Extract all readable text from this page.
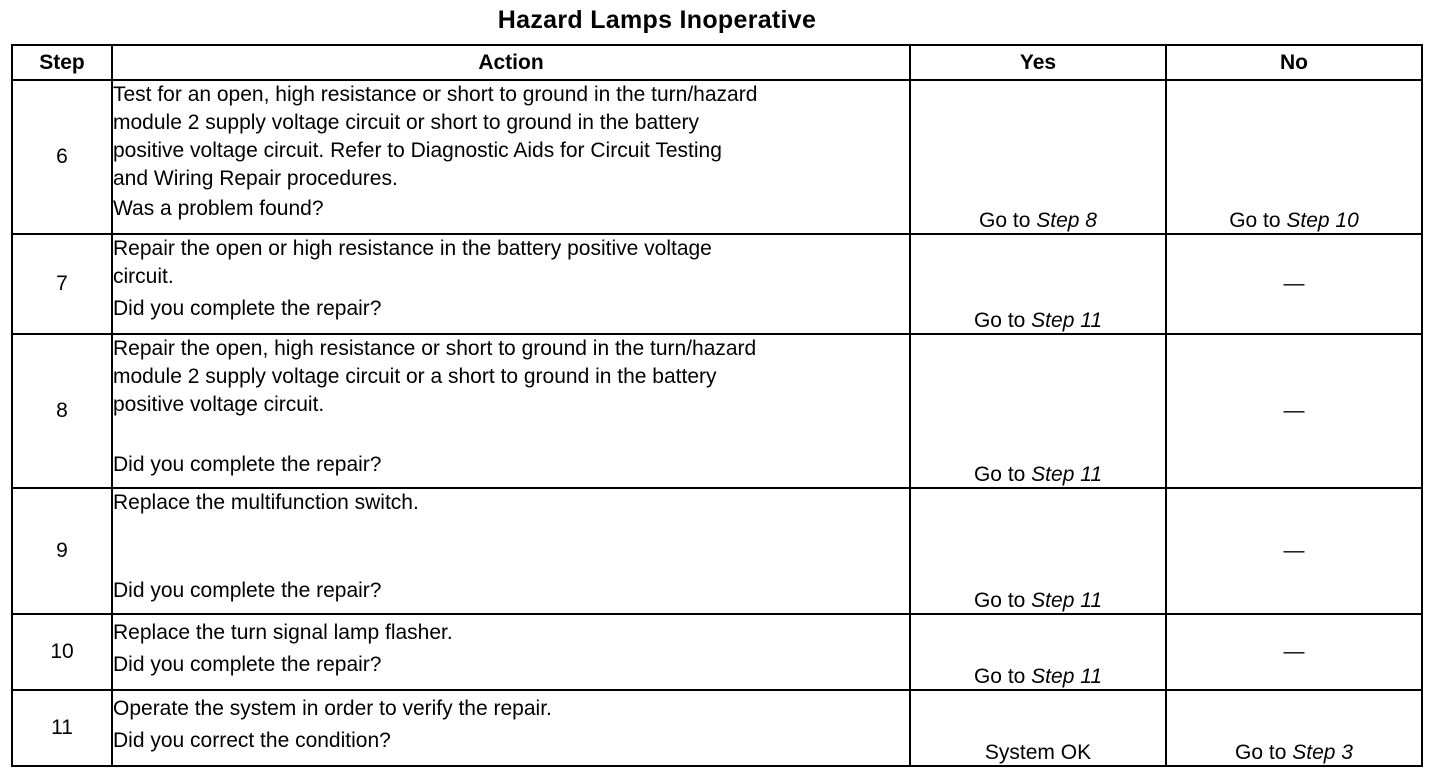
Hazard Lamps Inoperative
Step	Action	Yes	No
6	Test for an open, high resistance or short to ground in the turn/hazard
module 2 supply voltage circuit or short to ground in the battery
positive voltage circuit. Refer to Diagnostic Aids for Circuit Testing
and Wiring Repair procedures.
Was a problem found?	Go to Step 8	Go to Step 10
7	Repair the open or high resistance in the battery positive voltage
circuit.
Did you complete the repair?	Go to Step 11	—
8	Repair the open, high resistance or short to ground in the turn/hazard
module 2 supply voltage circuit or a short to ground in the battery
positive voltage circuit.
Did you complete the repair?	Go to Step 11	—
9	Replace the multifunction switch.
Did you complete the repair?	Go to Step 11	—
10	Replace the turn signal lamp flasher.
Did you complete the repair?	Go to Step 11	—
11	Operate the system in order to verify the repair.
Did you correct the condition?	System OK	Go to Step 3
